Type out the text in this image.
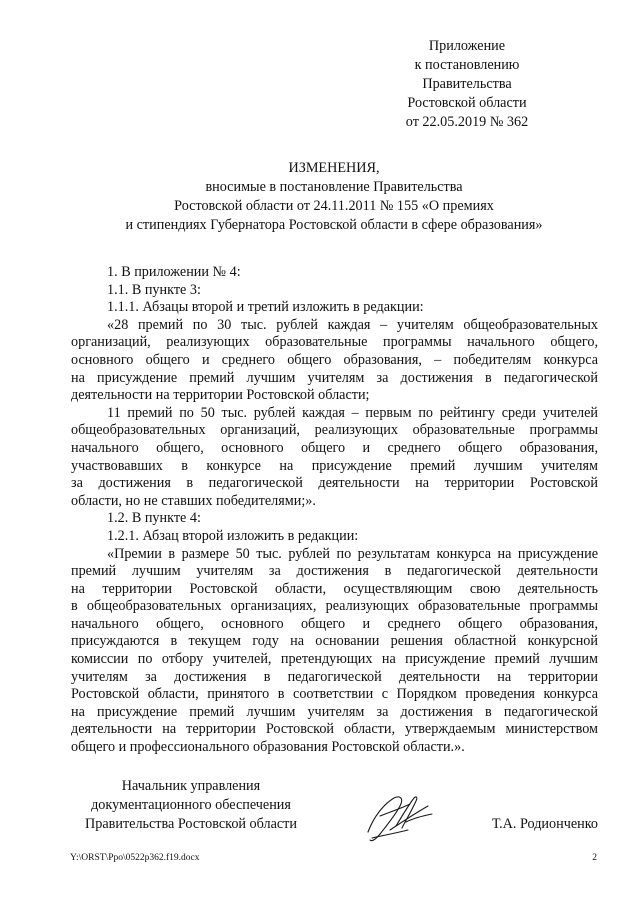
Приложение
к постановлению
Правительства
Ростовской области
от 22.05.2019 № 362
ИЗМЕНЕНИЯ,
вносимые в постановление Правительства
Ростовской области от 24.11.2011 № 155 «О премиях
и стипендиях Губернатора Ростовской области в сфере образования»
1. В приложении № 4:
1.1. В пункте 3:
1.1.1. Абзацы второй и третий изложить в редакции:
«28 премий по 30 тыс. рублей каждая – учителям общеобразовательных
организаций, реализующих образовательные программы начального общего,
основного общего и среднего общего образования, – победителям конкурса
на присуждение премий лучшим учителям за достижения в педагогической
деятельности на территории Ростовской области;
11 премий по 50 тыс. рублей каждая – первым по рейтингу среди учителей
общеобразовательных организаций, реализующих образовательные программы
начального общего, основного общего и среднего общего образования,
участвовавших в конкурсе на присуждение премий лучшим учителям
за достижения в педагогической деятельности на территории Ростовской
области, но не ставших победителями;».
1.2. В пункте 4:
1.2.1. Абзац второй изложить в редакции:
«Премии в размере 50 тыс. рублей по результатам конкурса на присуждение
премий лучшим учителям за достижения в педагогической деятельности
на территории Ростовской области, осуществляющим свою деятельность
в общеобразовательных организациях, реализующих образовательные программы
начального общего, основного общего и среднего общего образования,
присуждаются в текущем году на основании решения областной конкурсной
комиссии по отбору учителей, претендующих на присуждение премий лучшим
учителям за достижения в педагогической деятельности на территории
Ростовской области, принятого в соответствии с Порядком проведения конкурса
на присуждение премий лучшим учителям за достижения в педагогической
деятельности на территории Ростовской области, утверждаемым министерством
общего и профессионального образования Ростовской области.».
Начальник управления
документационного обеспечения
Правительства Ростовской области	Т.А. Родионченко
Y:\ORST\Ppo\0522p362.f19.docx	2
